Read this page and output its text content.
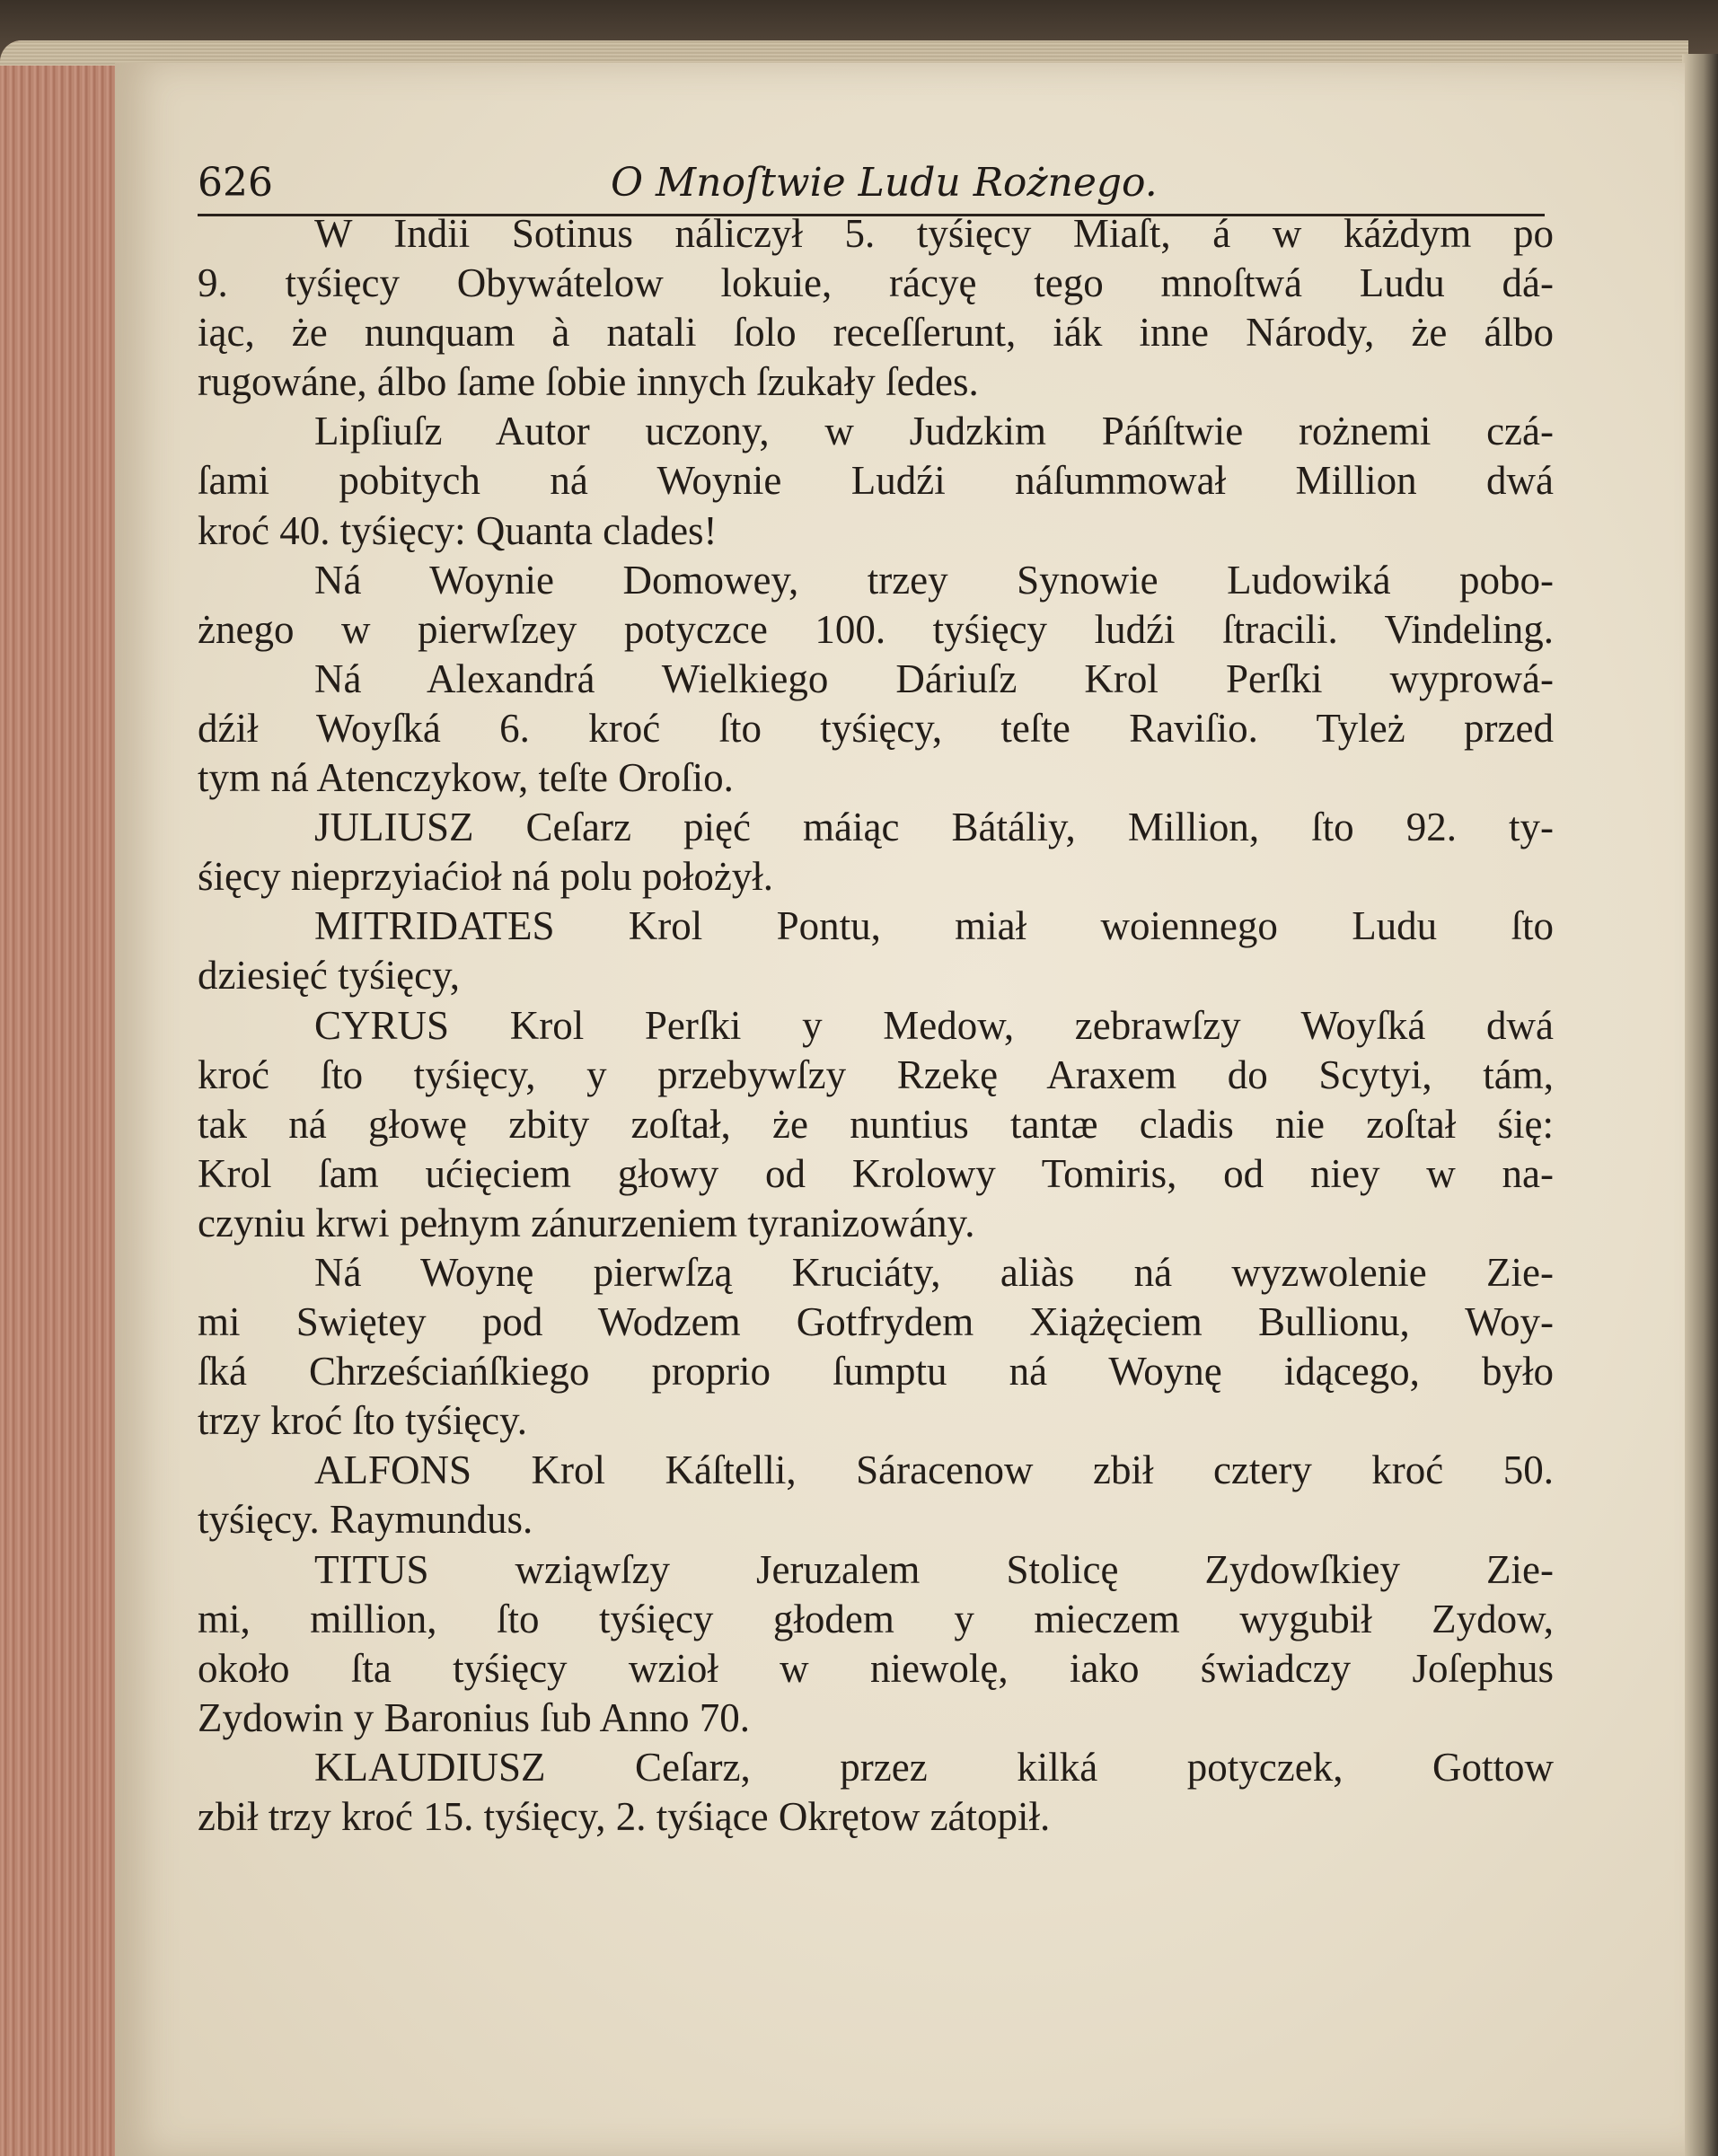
626	O Mnoſtwie Ludu Rożnego.
W Indii Sotinus náliczył 5. tyśięcy Miaſt, á w káżdym po
9. tyśięcy Obywátelow lokuie, rácyę tego mnoſtwá Ludu dá-
iąc, że nunquam à natali ſolo receſſerunt, iák inne Národy, że álbo
rugowáne, álbo ſame ſobie innych ſzukały ſedes.
Lipſiuſz Autor uczony, w Judzkim Páńſtwie rożnemi czá-
ſami pobitych ná Woynie Ludźi náſummował Million dwá
kroć 40. tyśięcy: Quanta clades!
Ná Woynie Domowey, trzey Synowie Ludowiká pobo-
żnego w pierwſzey potyczce 100. tyśięcy ludźi ſtracili. Vindeling.
Ná Alexandrá Wielkiego Dáriuſz Krol Perſki wyprowá-
dźił Woyſká 6. kroć ſto tyśięcy, teſte Raviſio. Tyleż przed
tym ná Atenczykow, teſte Oroſio.
JULIUSZ Ceſarz pięć máiąc Bátáliy, Million, ſto 92. ty-
śięcy nieprzyiaćioł ná polu położył.
MITRIDATES Krol Pontu, miał woiennego Ludu ſto
dziesięć tyśięcy,
CYRUS Krol Perſki y Medow, zebrawſzy Woyſká dwá
kroć ſto tyśięcy, y przebywſzy Rzekę Araxem do Scytyi, tám,
tak ná głowę zbity zoſtał, że nuntius tantæ cladis nie zoſtał śię:
Krol ſam ućięciem głowy od Krolowy Tomiris, od niey w na-
czyniu krwi pełnym zánurzeniem tyranizowány.
Ná Woynę pierwſzą Kruciáty, aliàs ná wyzwolenie Zie-
mi Swiętey pod Wodzem Gotfrydem Xiążęciem Bullionu, Woy-
ſká Chrześciańſkiego proprio ſumptu ná Woynę idącego, było
trzy kroć ſto tyśięcy.
ALFONS Krol Káſtelli, Sáracenow zbił cztery kroć 50.
tyśięcy. Raymundus.
TITUS wziąwſzy Jeruzalem Stolicę Zydowſkiey Zie-
mi, million, ſto tyśięcy głodem y mieczem wygubił Zydow,
około ſta tyśięcy wzioł w niewolę, iako świadczy Joſephus
Zydowin y Baronius ſub Anno 70.
KLAUDIUSZ Ceſarz, przez kilká potyczek, Gottow
zbił trzy kroć 15. tyśięcy, 2. tyśiące Okrętow zátopił.
